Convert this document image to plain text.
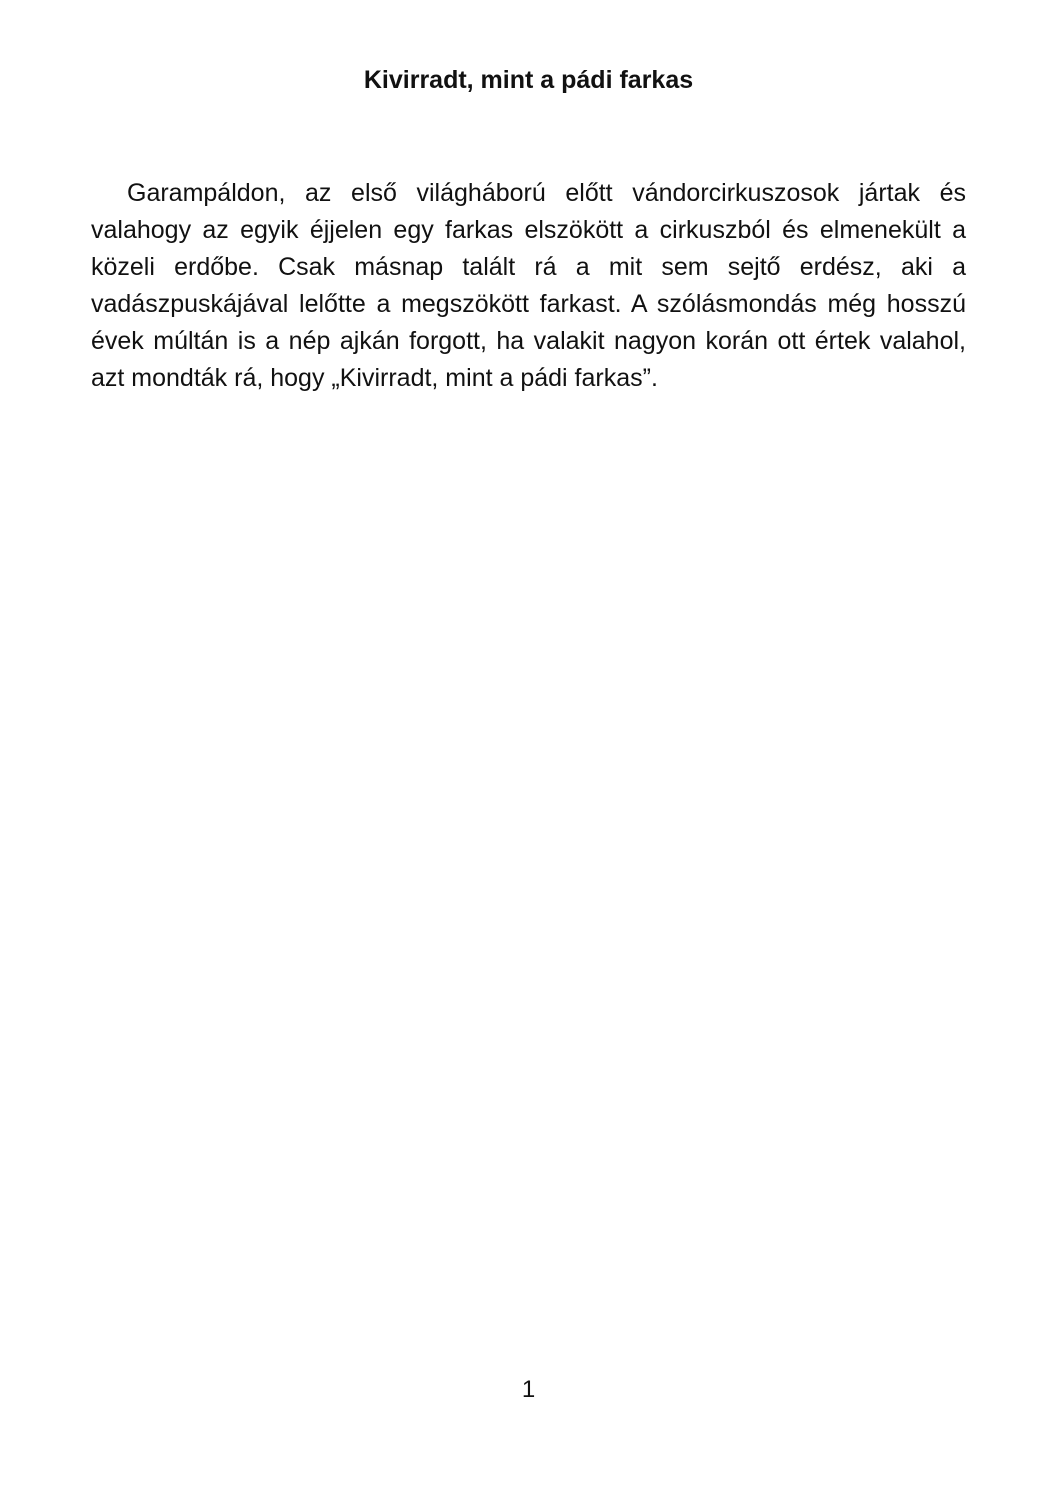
Kivirradt, mint a pádi farkas

Garampáldon, az első világháború előtt vándorcirkuszosok jártak és valahogy az egyik éjjelen egy farkas elszökött a cirkuszból és elmenekült a közeli erdőbe. Csak másnap talált rá a mit sem sejtő erdész, aki a vadászpuskájával lelőtte a megszökött farkast. A szólásmondás még hosszú évek múltán is a nép ajkán forgott, ha valakit nagyon korán ott értek valahol, azt mondták rá, hogy „Kivirradt, mint a pádi farkas”.

1
